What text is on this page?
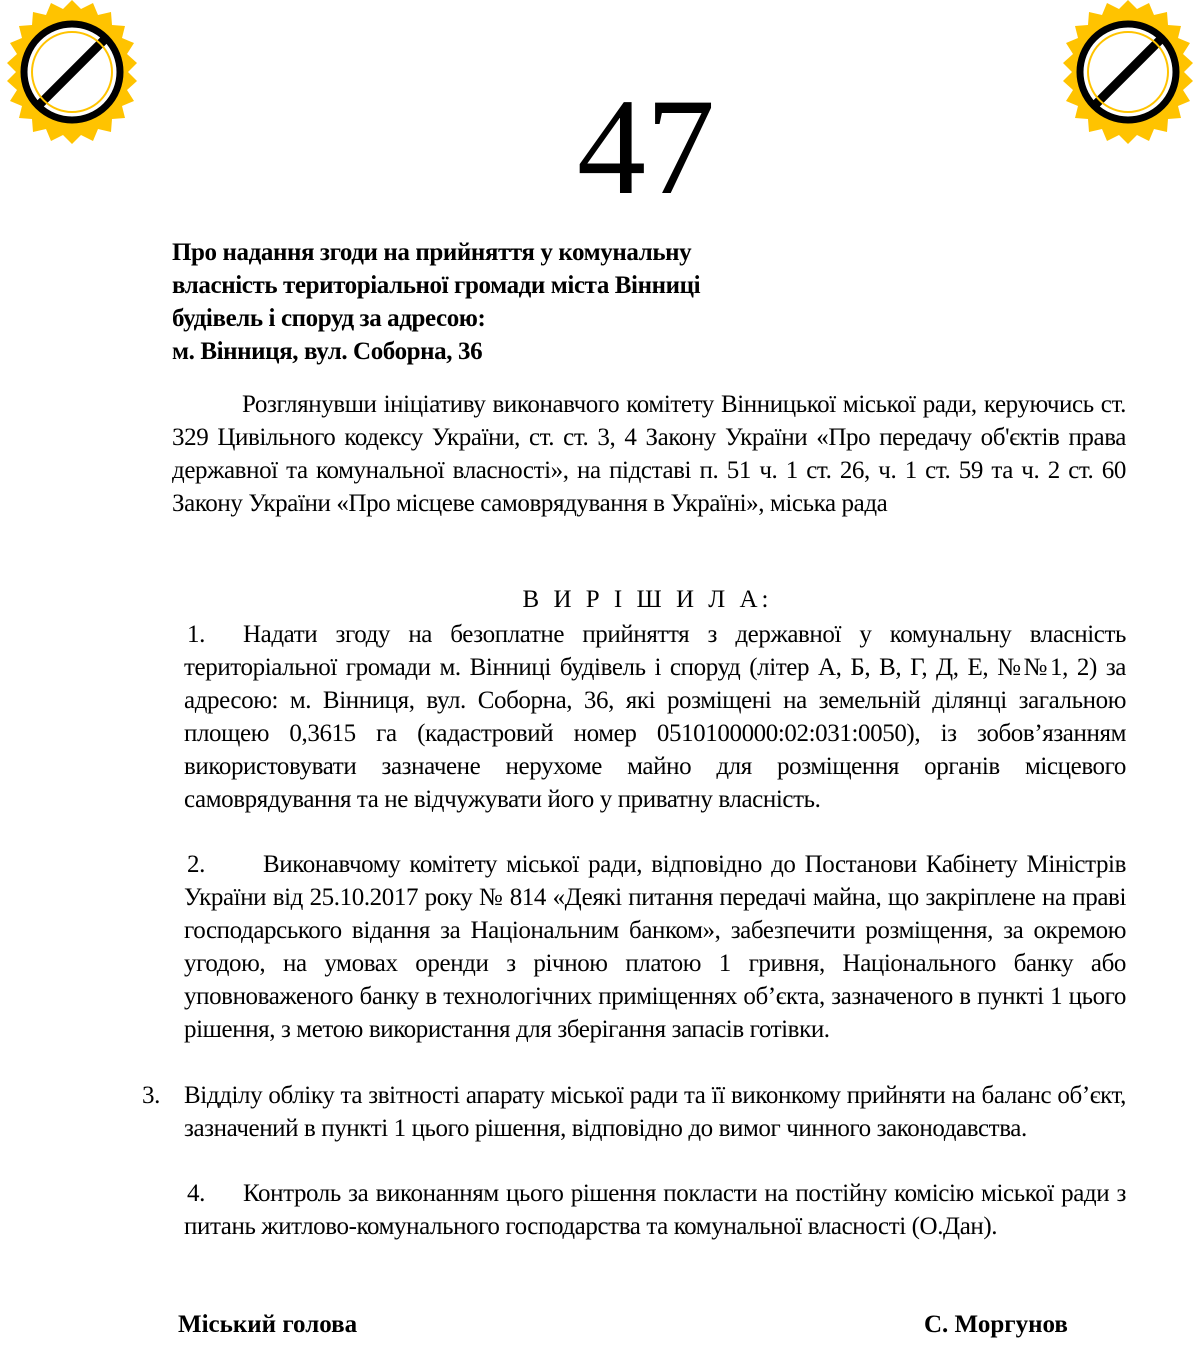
47
Про надання згоди на прийняття у комунальну
власність територіальної громади міста Вінниці
будівель і споруд за адресою:
м. Вінниця, вул. Соборна, 36
Розглянувши ініціативу виконавчого комітету Вінницької міської ради, керуючись ст. 329 Цивільного кодексу України, ст. ст. 3, 4 Закону України «Про передачу об'єктів права державної та комунальної власності», на підставі п. 51 ч. 1 ст. 26, ч. 1 ст. 59 та ч. 2 ст. 60 Закону України «Про місцеве самоврядування в Україні», міська рада
В И Р І Ш И Л А:
1. Надати згоду на безоплатне прийняття з державної у комунальну власність територіальної громади м. Вінниці будівель і споруд (літер А, Б, В, Г, Д, Е, №№1, 2) за адресою: м. Вінниця, вул. Соборна, 36, які розміщені на земельній ділянці загальною площею 0,3615 га (кадастровий номер 0510100000:02:031:0050), із зобов’язанням використовувати зазначене нерухоме майно для розміщення органів місцевого самоврядування та не відчужувати його у приватну власність.
2. Виконавчому комітету міської ради, відповідно до Постанови Кабінету Міністрів України від 25.10.2017 року № 814 «Деякі питання передачі майна, що закріплене на праві господарського відання за Національним банком», забезпечити розміщення, за окремою угодою, на умовах оренди з річною платою 1 гривня, Національного банку або уповноваженого банку в технологічних приміщеннях об’єкта, зазначеного в пункті 1 цього рішення, з метою використання для зберігання запасів готівки.
3. Відділу обліку та звітності апарату міської ради та її виконкому прийняти на баланс об’єкт, зазначений в пункті 1 цього рішення, відповідно до вимог чинного законодавства.
4. Контроль за виконанням цього рішення покласти на постійну комісію міської ради з питань житлово-комунального господарства та комунальної власності (О.Дан).
Міський голова	С. Моргунов
